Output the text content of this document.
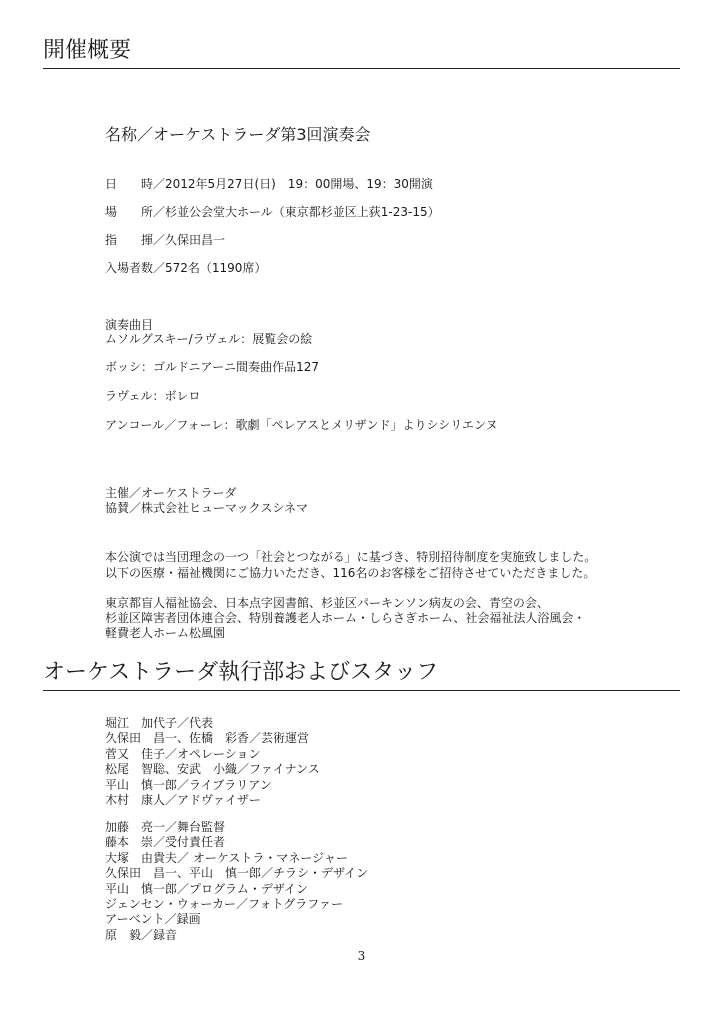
開催概要
名称／オーケストラーダ第3回演奏会
日　時／2012年5月27日(日)　19：00開場、19：30開演
場　所／杉並公会堂大ホール（東京都杉並区上荻1-23-15）
指　揮／久保田昌一
入場者数／572名（1190席）
演奏曲目
ムソルグスキー/ラヴェル：展覧会の絵
ボッシ：ゴルドニアーニ間奏曲作品127
ラヴェル：ボレロ
アンコール／フォーレ：歌劇「ペレアスとメリザンド」よりシシリエンヌ
主催／オーケストラーダ
協賛／株式会社ヒューマックスシネマ
本公演では当団理念の一つ「社会とつながる」に基づき、特別招待制度を実施致しました。
以下の医療・福祉機関にご協力いただき、116名のお客様をご招待させていただきました。
東京都盲人福祉協会、日本点字図書館、杉並区パーキンソン病友の会、青空の会、
杉並区障害者団体連合会、特別養護老人ホーム・しらさぎホーム、社会福祉法人浴風会・
軽費老人ホーム松風園
オーケストラーダ執行部およびスタッフ
堀江　加代子／代表
久保田　昌一、佐橋　彩香／芸術運営
菅又　佳子／オペレーション
松尾　智聡、安武　小織／ファイナンス
平山　慎一郎／ライブラリアン
木村　康人／アドヴァイザー
加藤　亮一／舞台監督
藤本　崇／受付責任者
大塚　由貴夫／ オーケストラ・マネージャー
久保田　昌一、平山　慎一郎／チラシ・デザイン
平山　慎一郎／プログラム・デザイン
ジェンセン・ウォーカー／フォトグラファー
アーベント／録画
原　毅／録音
3
